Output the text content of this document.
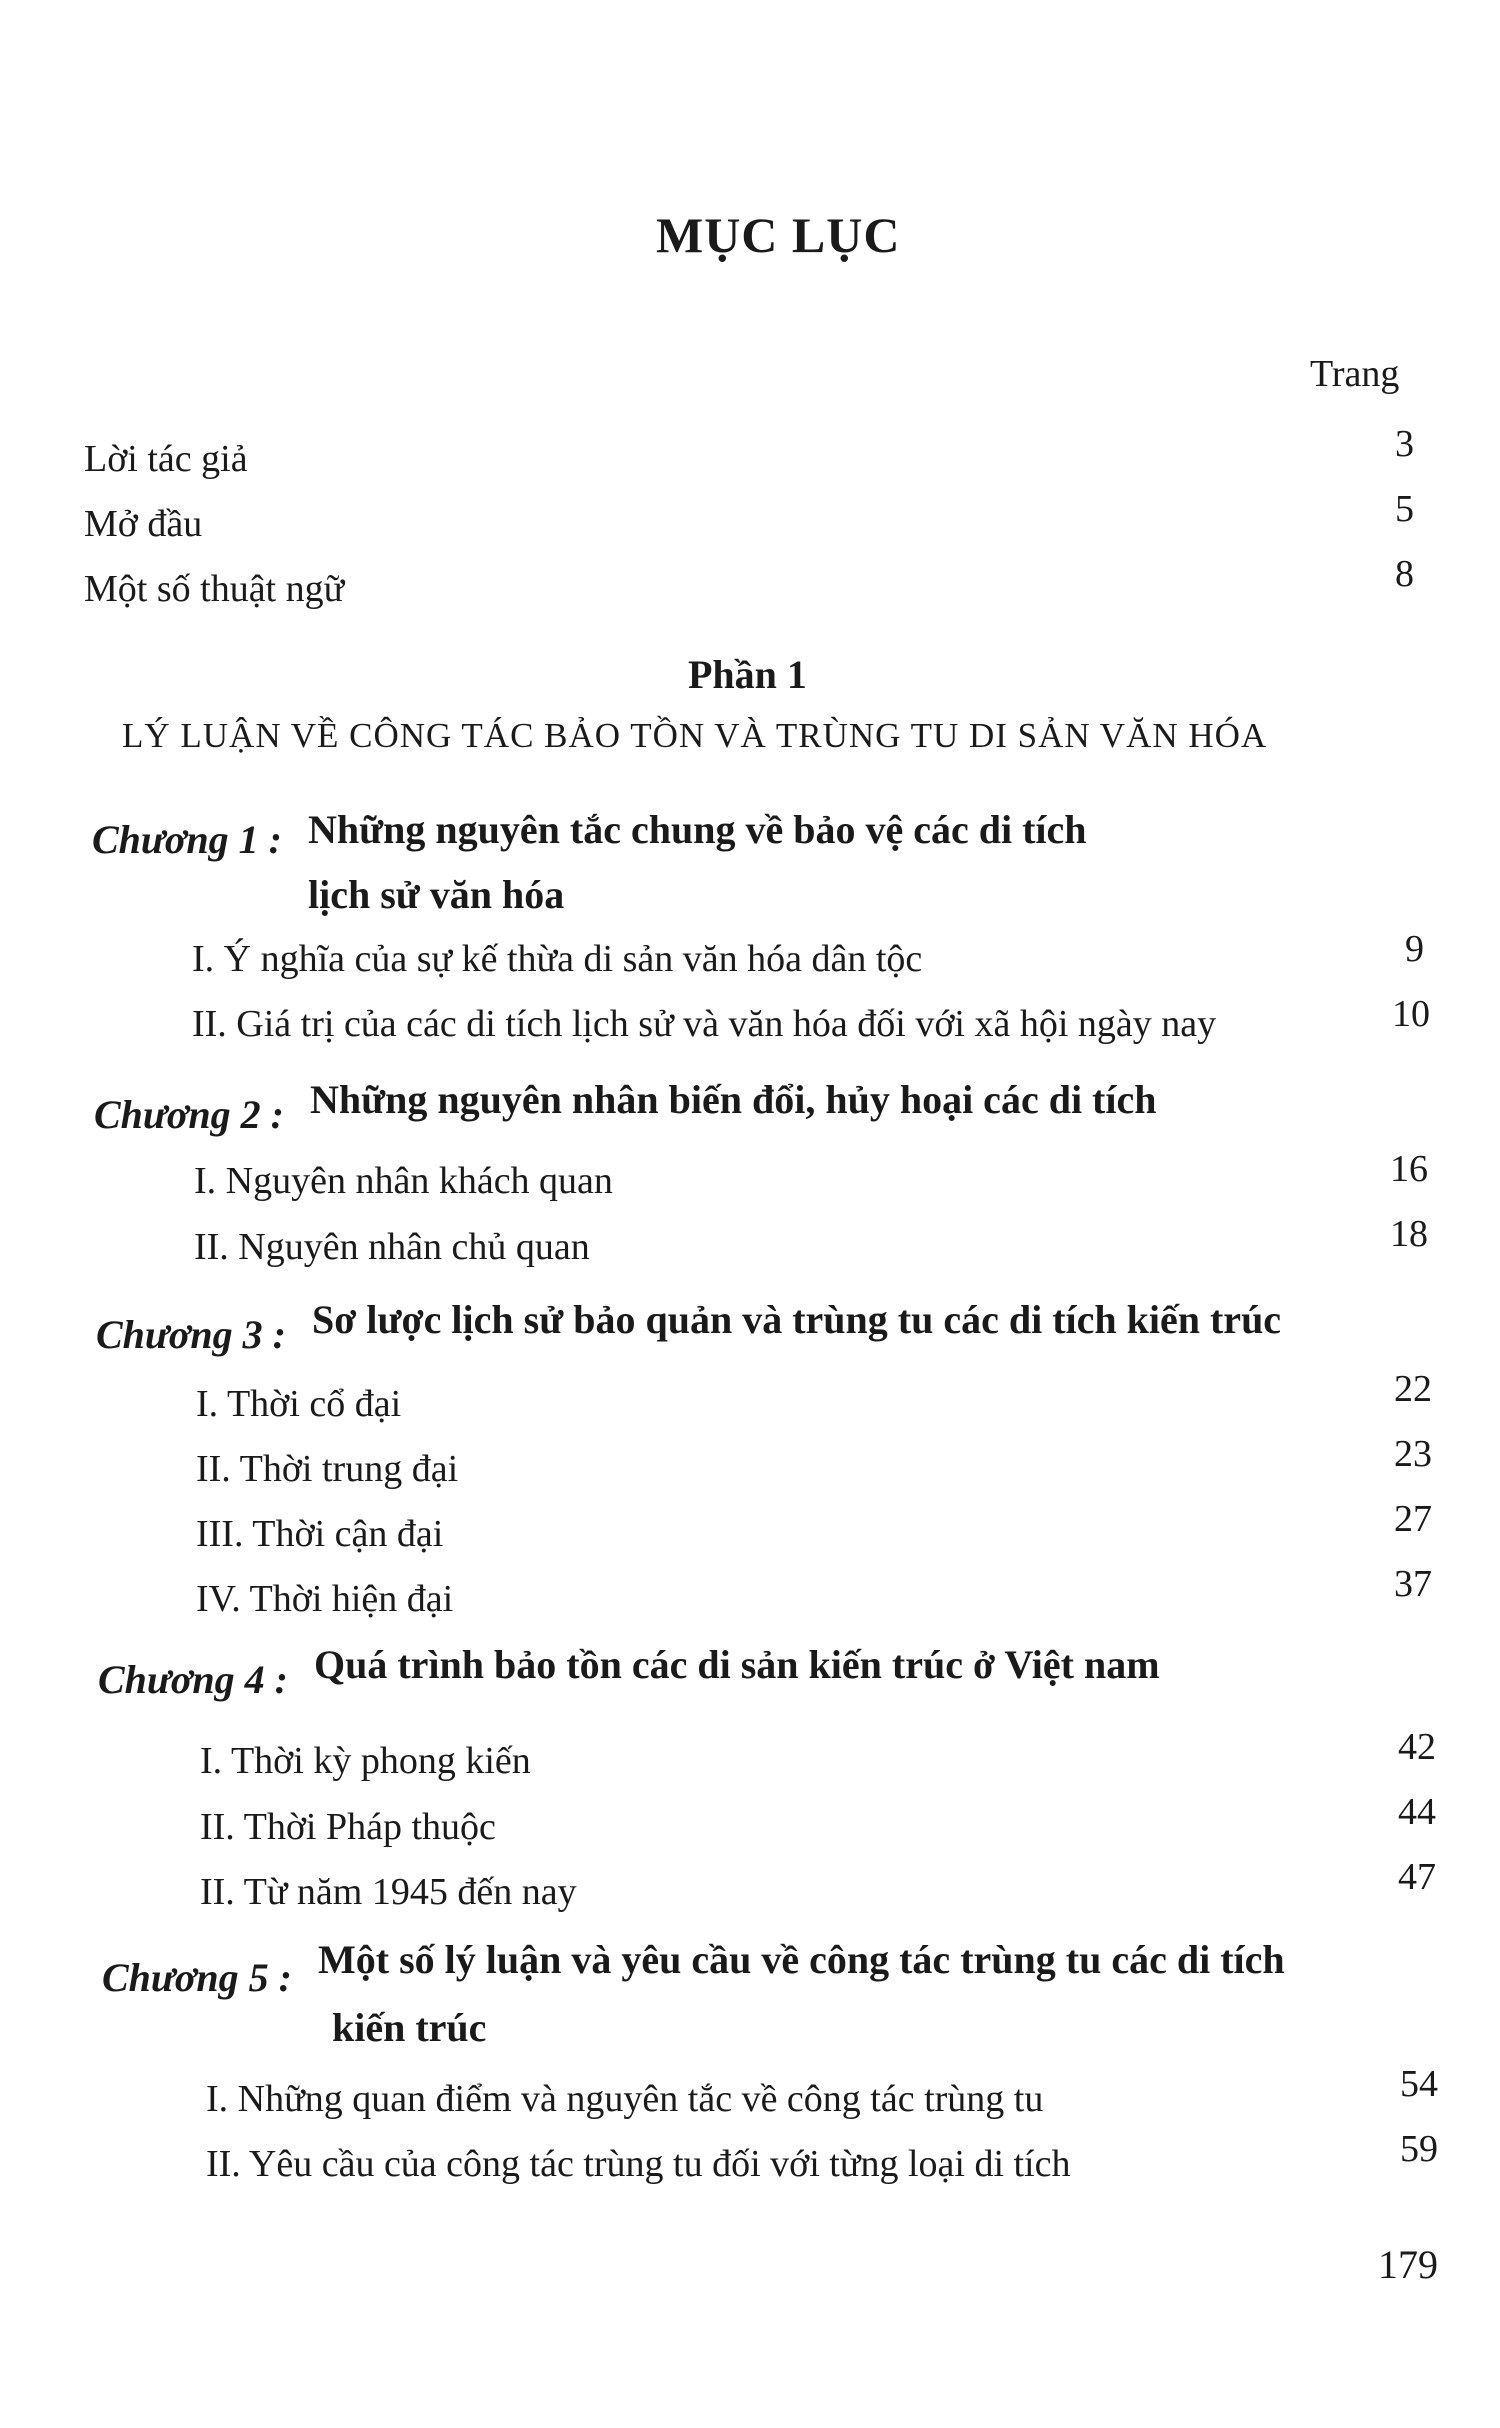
MỤC LỤC
Trang
Lời tác giả	3
Mở đầu	5
Một số thuật ngữ	8
Phần 1
LÝ LUẬN VỀ CÔNG TÁC BẢO TỒN VÀ TRÙNG TU DI SẢN VĂN HÓA
Chương 1 : Những nguyên tắc chung về bảo vệ các di tích
lịch sử văn hóa
I. Ý nghĩa của sự kế thừa di sản văn hóa dân tộc	9
II. Giá trị của các di tích lịch sử và văn hóa đối với xã hội ngày nay	10
Chương 2 : Những nguyên nhân biến đổi, hủy hoại các di tích
I. Nguyên nhân khách quan	16
II. Nguyên nhân chủ quan	18
Chương 3 : Sơ lược lịch sử bảo quản và trùng tu các di tích kiến trúc
I. Thời cổ đại	22
II. Thời trung đại	23
III. Thời cận đại	27
IV. Thời hiện đại	37
Chương 4 : Quá trình bảo tồn các di sản kiến trúc ở Việt nam
I. Thời kỳ phong kiến	42
II. Thời Pháp thuộc	44
II. Từ năm 1945 đến nay	47
Chương 5 : Một số lý luận và yêu cầu về công tác trùng tu các di tích
kiến trúc
I. Những quan điểm và nguyên tắc về công tác trùng tu	54
II. Yêu cầu của công tác trùng tu đối với từng loại di tích	59
179
